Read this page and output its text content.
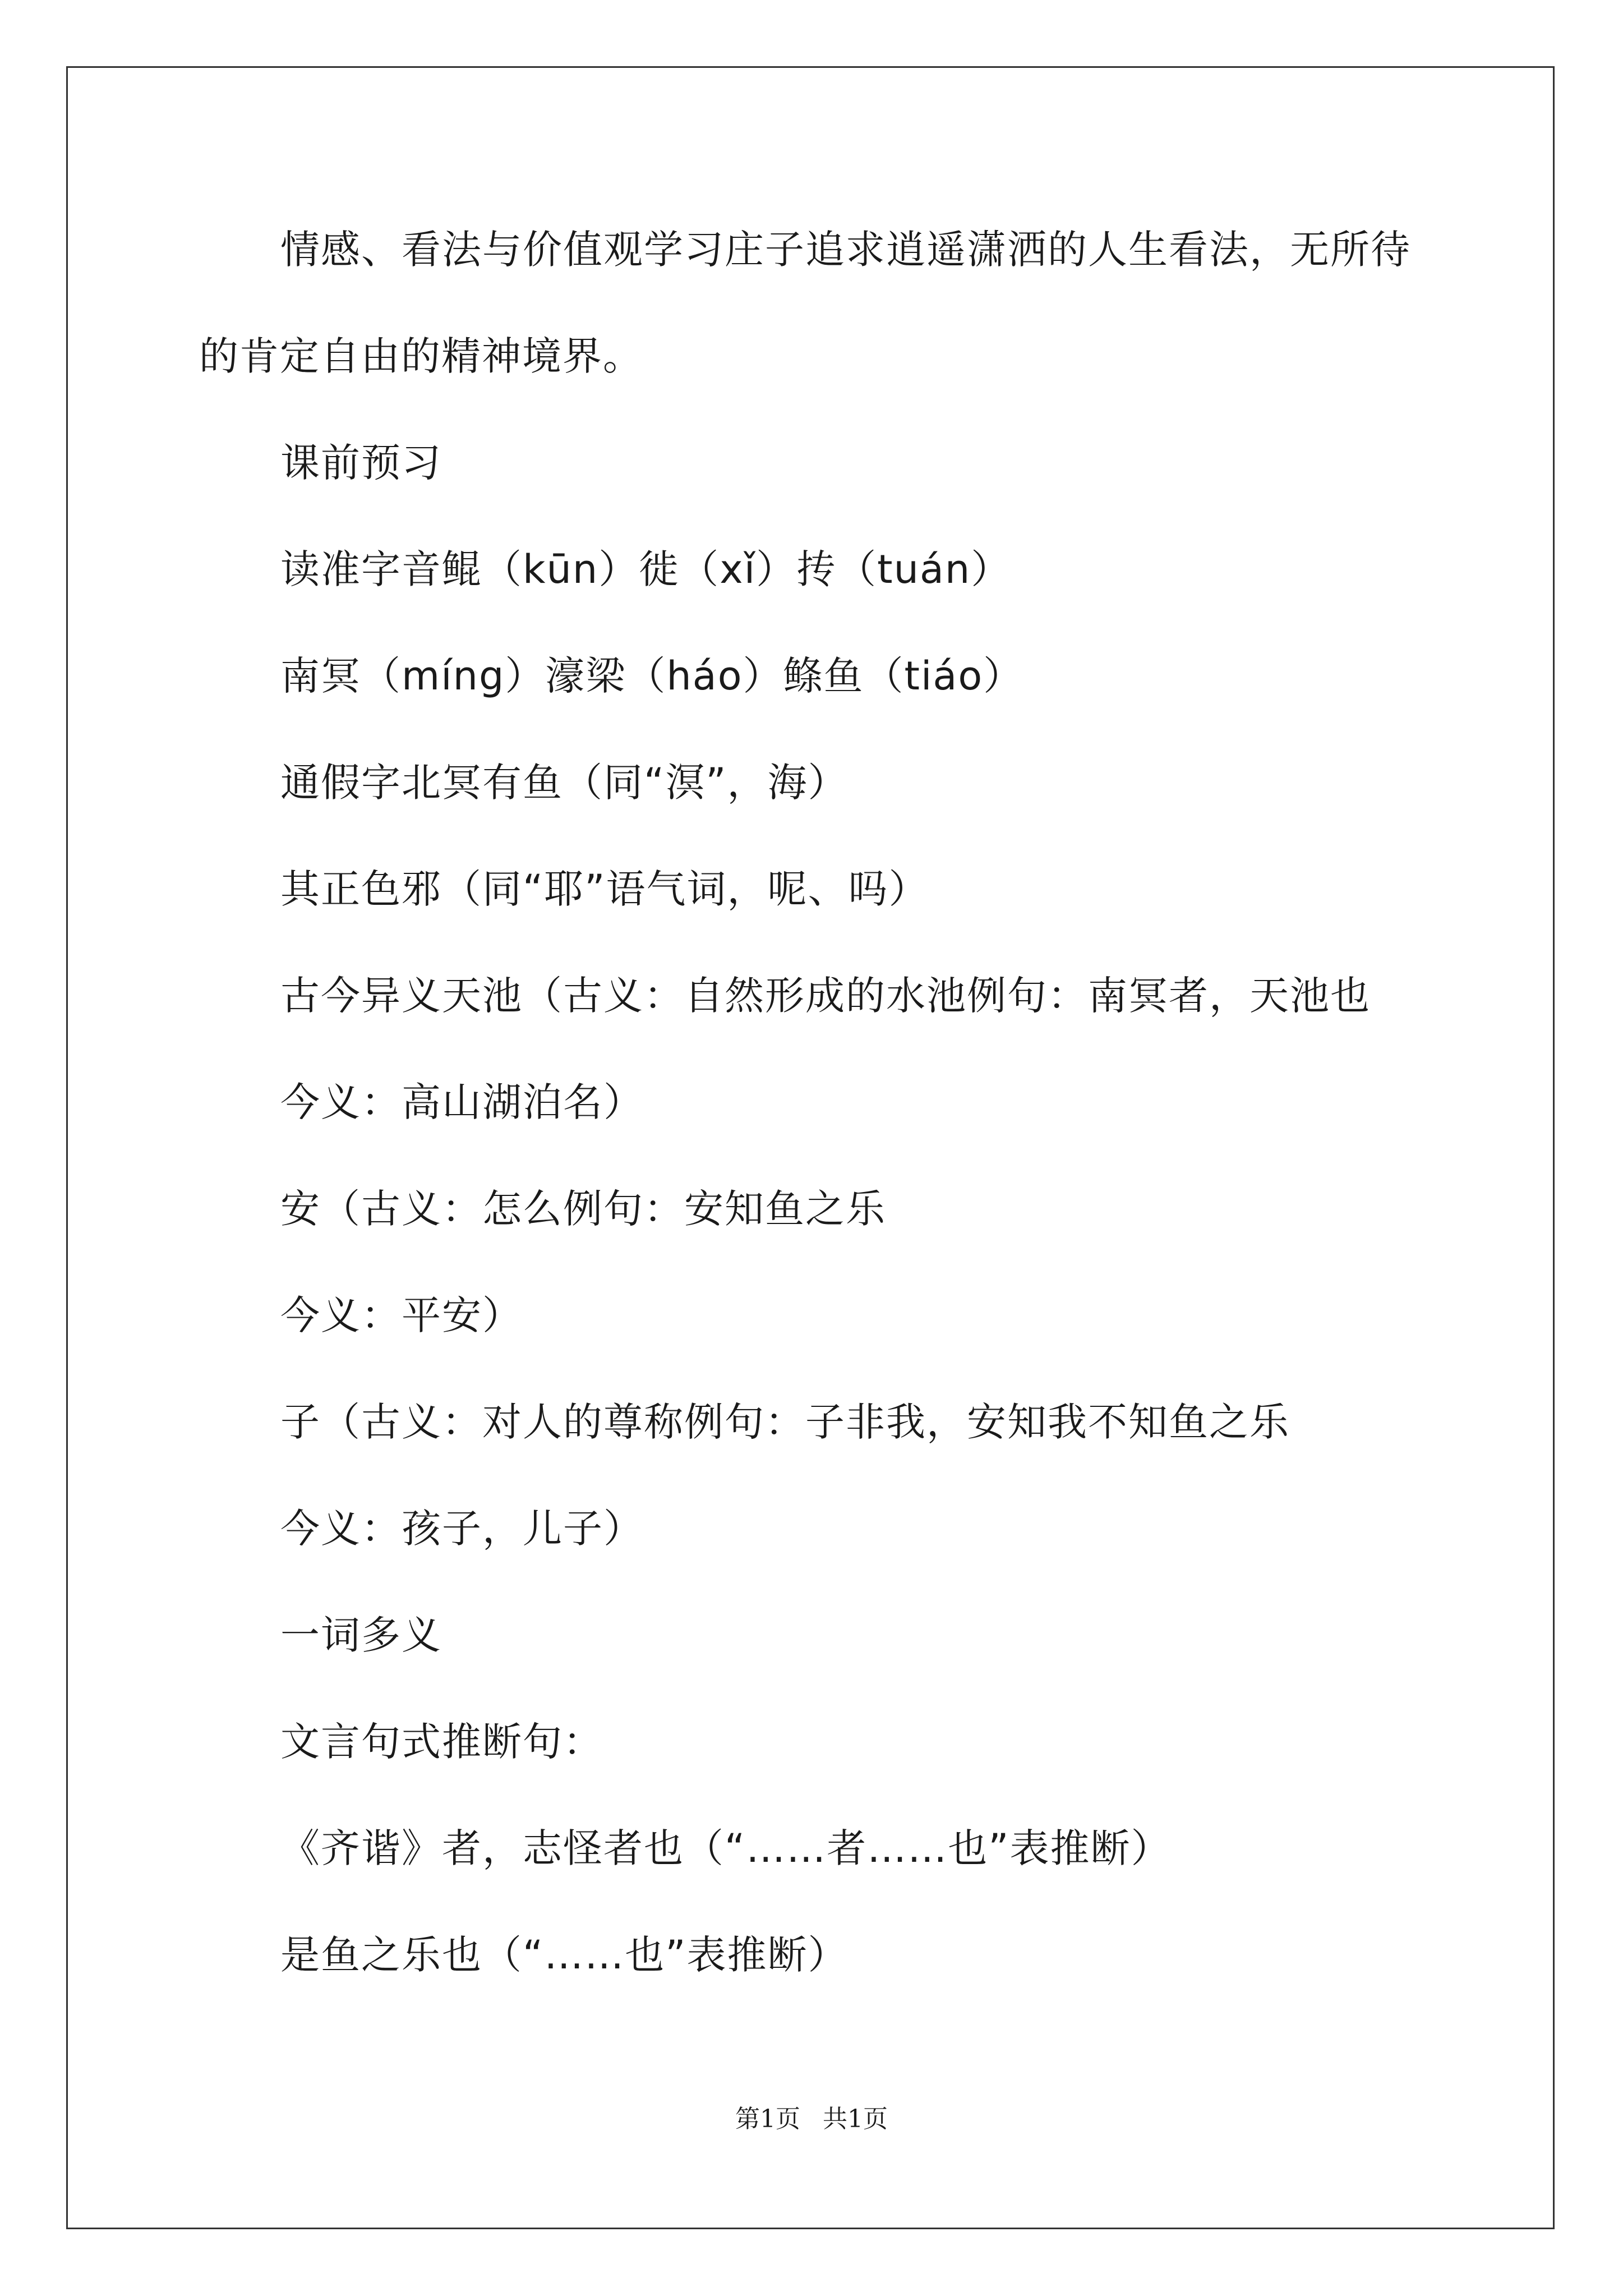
情感、看法与价值观学习庄子追求逍遥潇洒的人生看法，无所待
的肯定自由的精神境界。
课前预习
读准字音鲲（kūn）徙（xǐ）抟（tuán）
南冥（míng）濠梁（háo）鲦鱼（tiáo）
通假字北冥有鱼（同“溟”，海）
其正色邪（同“耶”语气词，呢、吗）
古今异义天池（古义：自然形成的水池例句：南冥者，天池也
今义：高山湖泊名）
安（古义：怎么例句：安知鱼之乐
今义：平安）
子（古义：对人的尊称例句：子非我，安知我不知鱼之乐
今义：孩子，儿子）
一词多义
文言句式推断句：
《齐谐》者，志怪者也（“……者……也”表推断）
是鱼之乐也（“……也”表推断）
第1页 共1页
